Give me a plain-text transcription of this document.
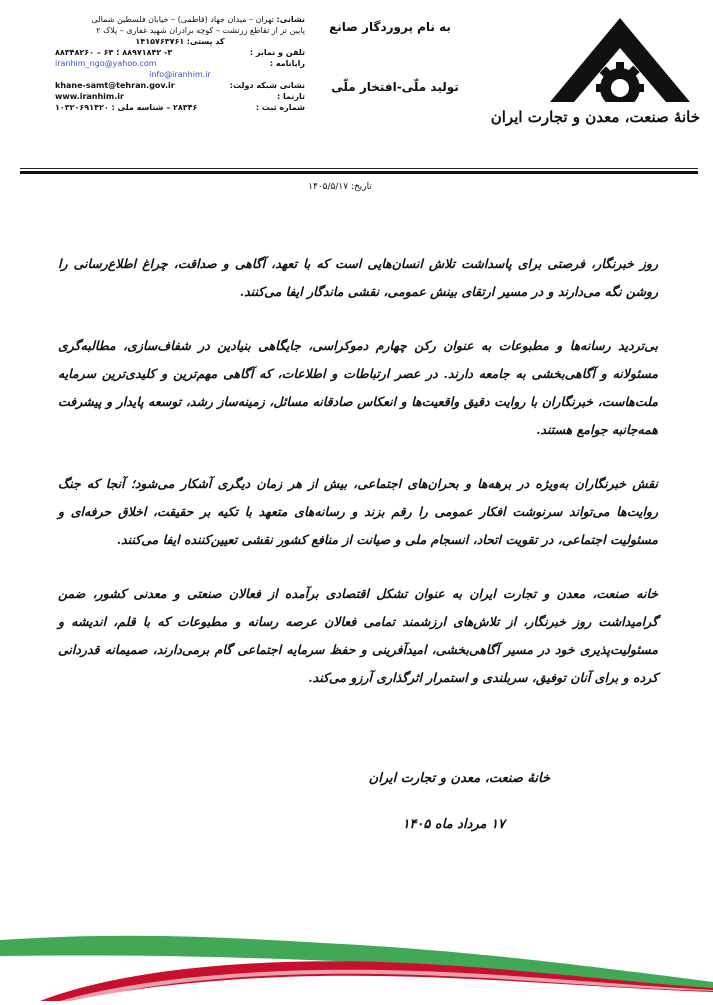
خانهٔ صنعت، معدن و تجارت ایران
به نام پروردگار صانع
تولید ملّی-افتخار ملّی
نشانی: تهران – میدان جهاد (فاطمی) – خیابان فلسطین شمالی
پایین تر از تقاطع زرتشت – کوچه برادران شهید غفاری – پلاک ۲
کد پستی: ۱۴۱۵۷۶۳۷۶۱
تلفن و نمابر :
۳- ۸۸۹۷۱۸۴۲ ؛ ۶۳ – ۸۸۳۴۸۲۶۰
رایانامه :
iranhim_ngo@yahoo.com
info@iranhim.ir
نشانی شبکه دولت:
khane-samt@tehran.gov.ir
تارنما :
www.iranhim.ir
شماره ثبت :
۲۸۳۴۶ – شناسه ملی : ۱۰۳۲۰۶۹۱۴۲۰
تاریخ: ۱۴۰۵/۵/۱۷

روز خبرنگار، فرصتی برای پاسداشت تلاش انسان‌هایی است که با تعهد، آگاهی و صداقت، چراغ اطلاع‌رسانی را روشن نگه می‌دارند و در مسیر ارتقای بینش عمومی، نقشی ماندگار ایفا می‌کنند.

بی‌تردید رسانه‌ها و مطبوعات به عنوان رکن چهارم دموکراسی، جایگاهی بنیادین در شفاف‌سازی، مطالبه‌گری مسئولانه و آگاهی‌بخشی به جامعه دارند. در عصر ارتباطات و اطلاعات، که آگاهی مهم‌ترین و کلیدی‌ترین سرمایه ملت‌هاست، خبرنگاران با روایت دقیق واقعیت‌ها و انعکاس صادقانه مسائل، زمینه‌ساز رشد، توسعه پایدار و پیشرفت همه‌جانبه جوامع هستند.

نقش خبرنگاران به‌ویژه در برهه‌ها و بحران‌های اجتماعی، بیش از هر زمان دیگری آشکار می‌شود؛ آنجا که جنگ روایت‌ها می‌تواند سرنوشت افکار عمومی را رقم بزند و رسانه‌های متعهد با تکیه بر حقیقت، اخلاق حرفه‌ای و مسئولیت اجتماعی، در تقویت اتحاد، انسجام ملی و صیانت از منافع کشور نقشی تعیین‌کننده ایفا می‌کنند.

خانه صنعت، معدن و تجارت ایران به عنوان تشکل اقتصادی برآمده از فعالان صنعتی و معدنی کشور، ضمن گرامیداشت روز خبرنگار، از تلاش‌های ارزشمند تمامی فعالان عرصه رسانه و مطبوعات که با قلم، اندیشه و مسئولیت‌پذیری خود در مسیر آگاهی‌بخشی، امیدآفرینی و حفظ سرمایه اجتماعی گام برمی‌دارند، صمیمانه قدردانی کرده و برای آنان توفیق، سربلندی و استمرار اثرگذاری آرزو می‌کند.

خانهٔ صنعت، معدن و تجارت ایران
۱۷ مرداد ماه ۱۴۰۵
